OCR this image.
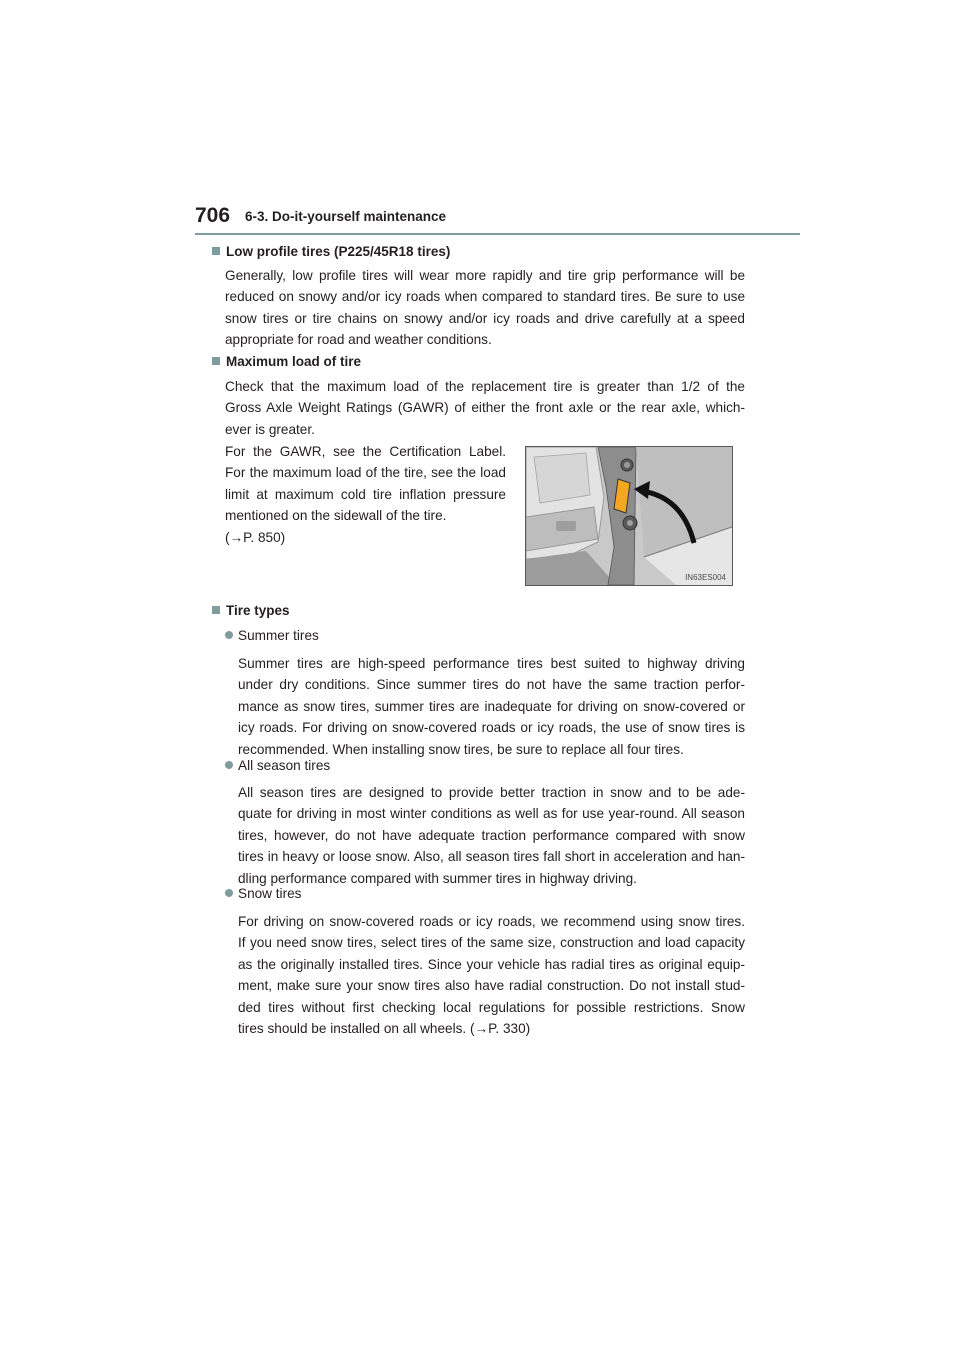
706 6-3. Do-it-yourself maintenance
Low profile tires (P225/45R18 tires)
Generally, low profile tires will wear more rapidly and tire grip performance will be
reduced on snowy and/or icy roads when compared to standard tires. Be sure to use
snow tires or tire chains on snowy and/or icy roads and drive carefully at a speed
appropriate for road and weather conditions.
Maximum load of tire
Check that the maximum load of the replacement tire is greater than 1/2 of the
Gross Axle Weight Ratings (GAWR) of either the front axle or the rear axle, which-
ever is greater.
For the GAWR, see the Certification Label.
For the maximum load of the tire, see the load
limit at maximum cold tire inflation pressure
mentioned on the sidewall of the tire.
(→P. 850)
IN63ES004
Tire types
Summer tires
Summer tires are high-speed performance tires best suited to highway driving
under dry conditions. Since summer tires do not have the same traction perfor-
mance as snow tires, summer tires are inadequate for driving on snow-covered or
icy roads. For driving on snow-covered roads or icy roads, the use of snow tires is
recommended. When installing snow tires, be sure to replace all four tires.
All season tires
All season tires are designed to provide better traction in snow and to be ade-
quate for driving in most winter conditions as well as for use year-round. All season
tires, however, do not have adequate traction performance compared with snow
tires in heavy or loose snow. Also, all season tires fall short in acceleration and han-
dling performance compared with summer tires in highway driving.
Snow tires
For driving on snow-covered roads or icy roads, we recommend using snow tires.
If you need snow tires, select tires of the same size, construction and load capacity
as the originally installed tires. Since your vehicle has radial tires as original equip-
ment, make sure your snow tires also have radial construction. Do not install stud-
ded tires without first checking local regulations for possible restrictions. Snow
tires should be installed on all wheels. (→P. 330)
